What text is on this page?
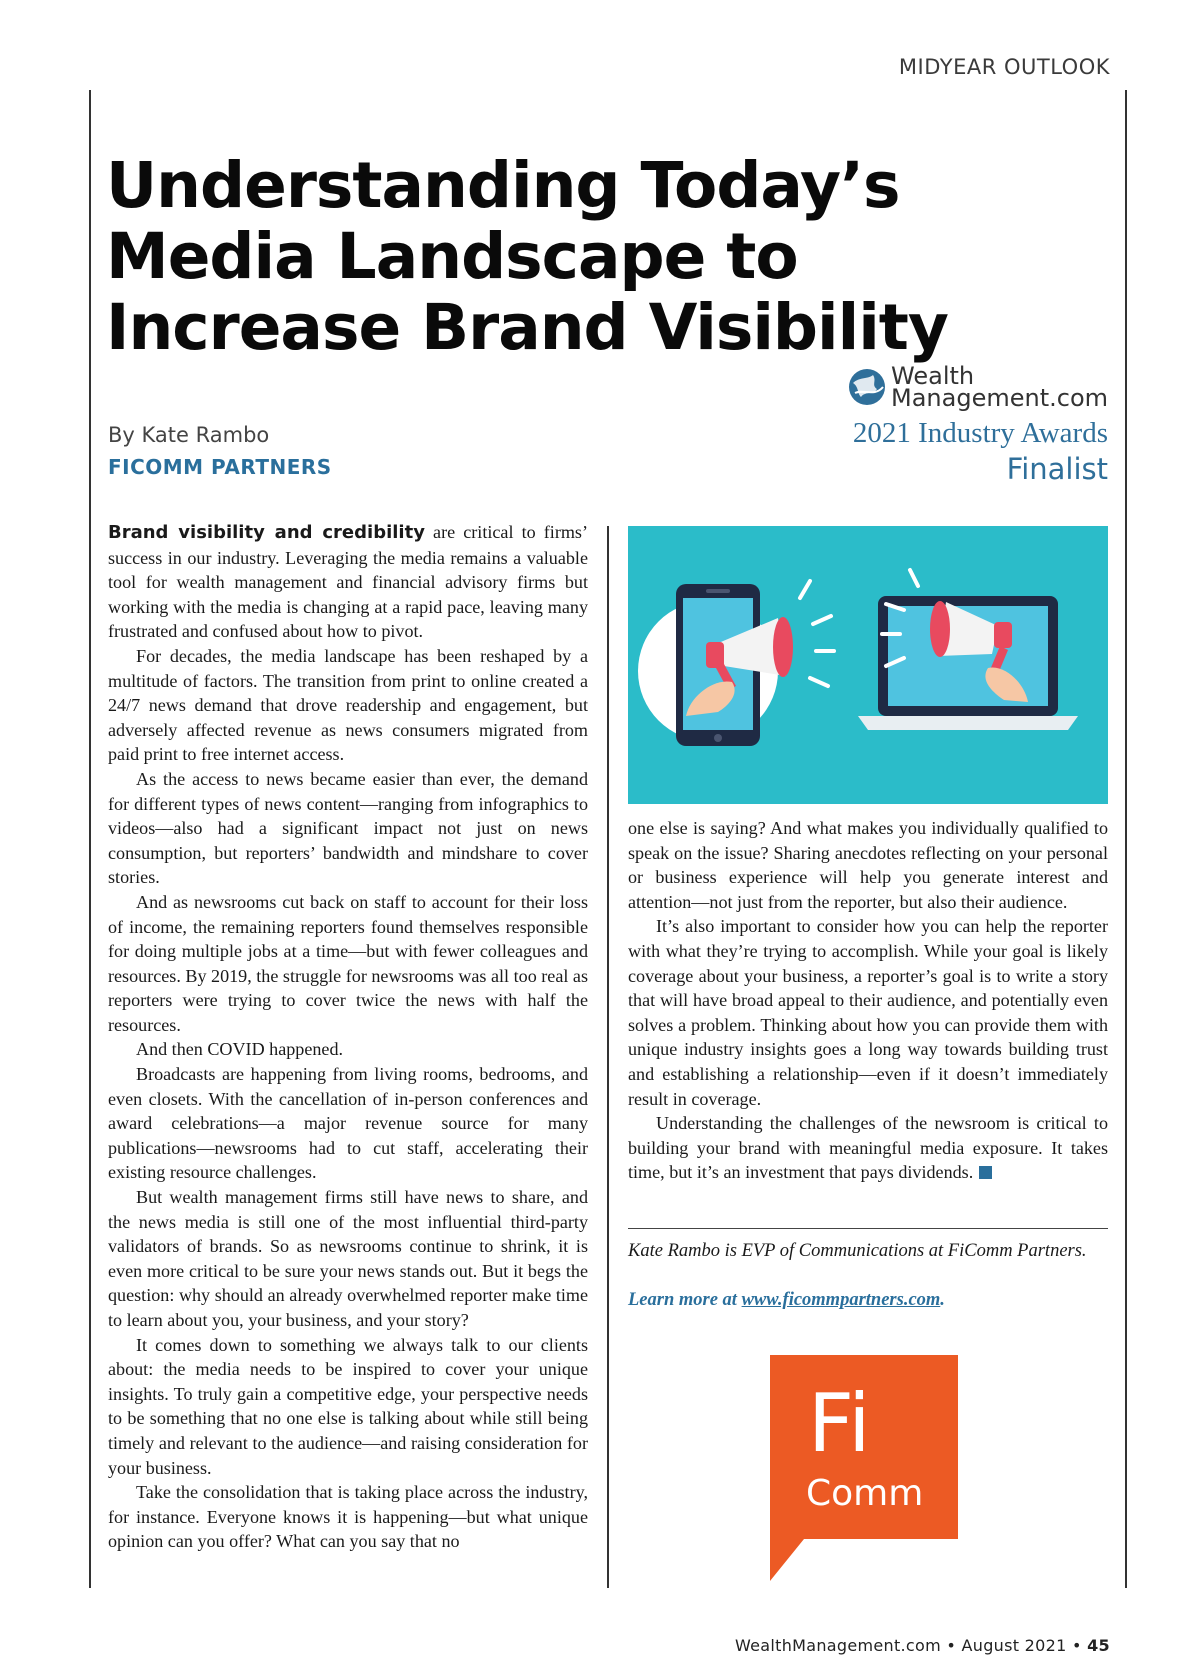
MIDYEAR OUTLOOK
Understanding Today’s Media Landscape to Increase Brand Visibility
By Kate Rambo
FICOMM PARTNERS
Wealth
Management.com
2021 Industry Awards
Finalist

Brand visibility and credibility are critical to firms’ success in our industry. Leveraging the media remains a valuable tool for wealth management and financial advisory firms but working with the media is changing at a rapid pace, leaving many frustrated and confused about how to pivot.

For decades, the media landscape has been reshaped by a multitude of factors. The transition from print to online created a 24/7 news demand that drove readership and engagement, but adversely affected revenue as news consumers migrated from paid print to free internet access.

As the access to news became easier than ever, the demand for different types of news content—ranging from infographics to videos—also had a significant impact not just on news consumption, but reporters’ bandwidth and mindshare to cover stories.

And as newsrooms cut back on staff to account for their loss of income, the remaining reporters found themselves responsible for doing multiple jobs at a time—but with fewer colleagues and resources. By 2019, the struggle for newsrooms was all too real as reporters were trying to cover twice the news with half the resources.

And then COVID happened.

Broadcasts are happening from living rooms, bedrooms, and even closets. With the cancellation of in-person conferences and award celebrations—a major revenue source for many publications—newsrooms had to cut staff, accelerating their existing resource challenges.

But wealth management firms still have news to share, and the news media is still one of the most influential third-party validators of brands. So as newsrooms continue to shrink, it is even more critical to be sure your news stands out. But it begs the question: why should an already overwhelmed reporter make time to learn about you, your business, and your story?

It comes down to something we always talk to our clients about: the media needs to be inspired to cover your unique insights. To truly gain a competitive edge, your perspective needs to be something that no one else is talking about while still being timely and relevant to the audience—and raising consideration for your business.

Take the consolidation that is taking place across the industry, for instance. Everyone knows it is happening—but what unique opinion can you offer? What can you say that no

one else is saying? And what makes you individually qualified to speak on the issue? Sharing anecdotes reflecting on your personal or business experience will help you generate interest and attention—not just from the reporter, but also their audience.

It’s also important to consider how you can help the reporter with what they’re trying to accomplish. While your goal is likely coverage about your business, a reporter’s goal is to write a story that will have broad appeal to their audience, and potentially even solves a problem. Thinking about how you can provide them with unique industry insights goes a long way towards building trust and establishing a relationship—even if it doesn’t immediately result in coverage.

Understanding the challenges of the newsroom is critical to building your brand with meaningful media exposure. It takes time, but it’s an investment that pays dividends.

Kate Rambo is EVP of Communications at FiComm Partners.
Learn more at www.ficommpartners.com.
Fi
Comm
WealthManagement.com • August 2021 • 45
